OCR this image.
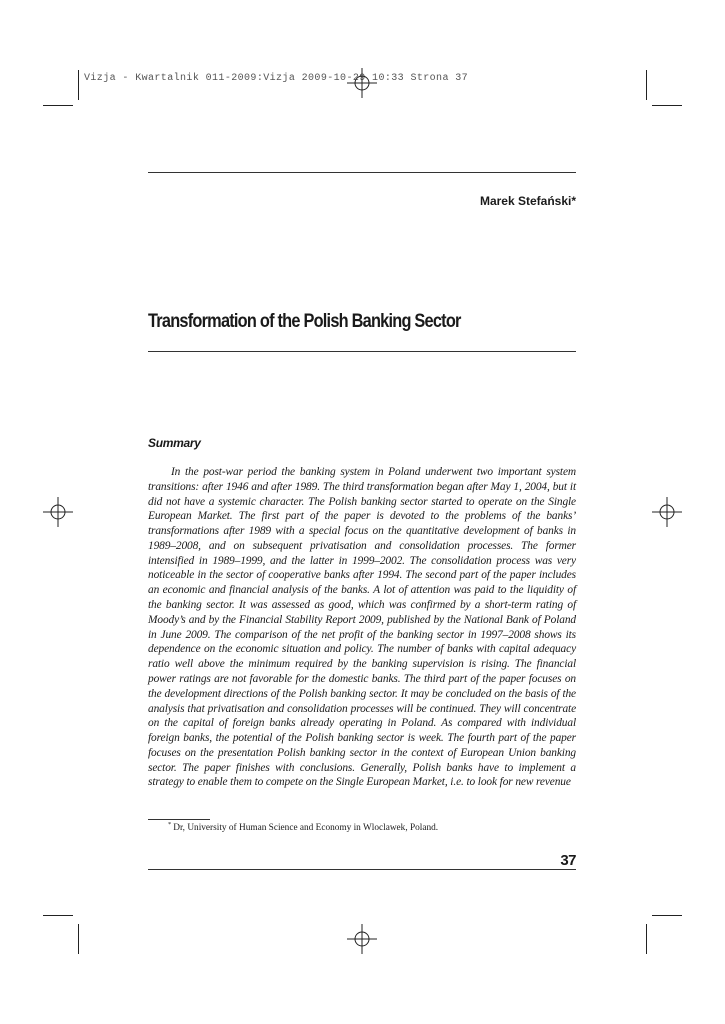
Vizja - Kwartalnik 011-2009:Vizja 2009-10-29 10:33 Strona 37
Marek Stefański*
Transformation of the Polish Banking Sector
Summary

In the post-war period the banking system in Poland underwent two important system transitions: after 1946 and after 1989. The third transformation began after May 1, 2004, but it did not have a systemic character. The Polish banking sector started to operate on the Single European Market. The first part of the paper is devoted to the problems of the banks’ transformations after 1989 with a special focus on the quantitative development of banks in 1989–2008, and on subsequent privatisation and consolidation processes. The former intensified in 1989–1999, and the latter in 1999–2002. The consolidation process was very noticeable in the sector of cooperative banks after 1994. The second part of the paper includes an economic and financial analysis of the banks. A lot of attention was paid to the liquidity of the banking sector. It was assessed as good, which was confirmed by a short-term rating of Moody’s and by the Financial Stability Report 2009, published by the National Bank of Poland in June 2009. The comparison of the net profit of the banking sector in 1997–2008 shows its dependence on the economic situation and policy. The number of banks with capital adequacy ratio well above the minimum required by the banking supervision is rising. The financial power ratings are not favorable for the domestic banks. The third part of the paper focuses on the development directions of the Polish banking sector. It may be concluded on the basis of the analysis that privatisation and consolidation processes will be continued. They will concentrate on the capital of foreign banks already operating in Poland. As compared with individual foreign banks, the potential of the Polish banking sector is week. The fourth part of the paper focuses on the presentation Polish banking sector in the context of European Union banking sector. The paper finishes with conclusions. Generally, Polish banks have to implement a strategy to enable them to compete on the Single European Market, i.e. to look for new revenue

* Dr, University of Human Science and Economy in Wloclawek, Poland.
37
